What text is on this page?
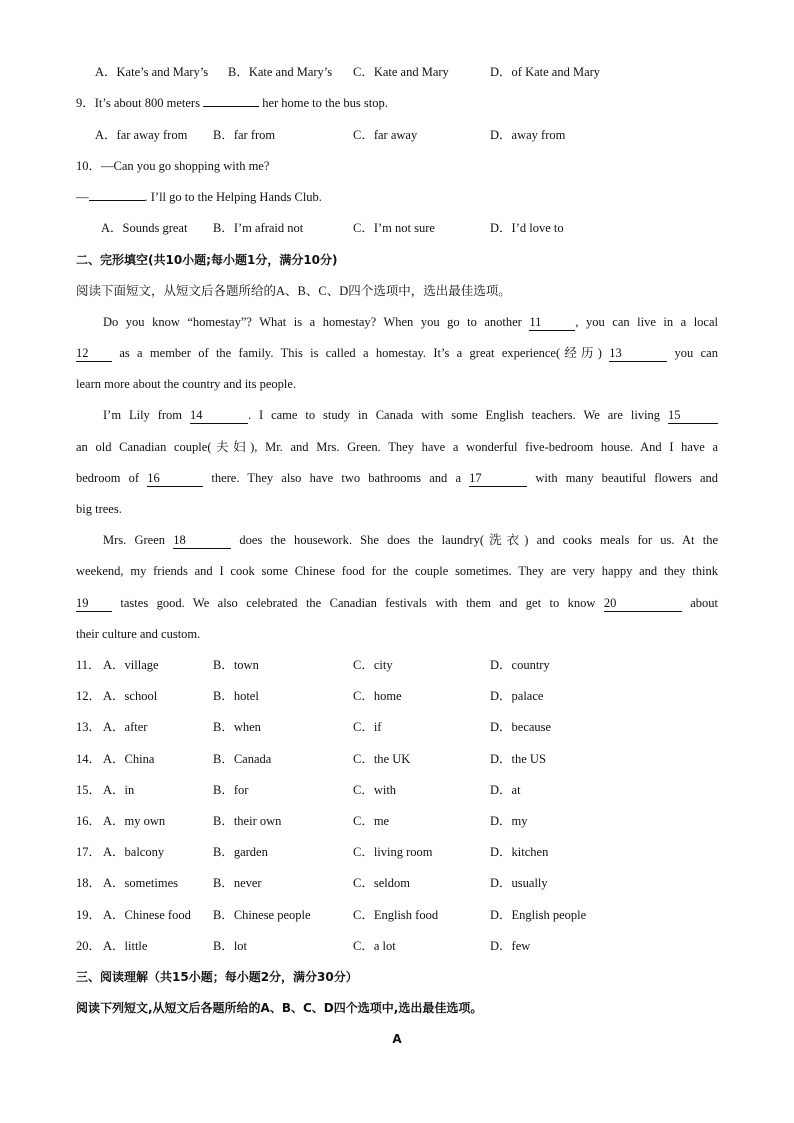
A．Kate’s and Mary’s B．Kate and Mary’s C．Kate and Mary	D．of Kate and Mary
9．It’s about 800 meters	her home to the bus stop.
A．far away from B．far from	C．far away	D．away from
10．—Can you go shopping with me?
—	. I’ll go to the Helping Hands Club.
A．Sounds great B．I’m afraid not	C．I’m not sure	D．I’d love to
二、完形填空(共10小题;每小题1分，满分10分)
阅读下面短文，从短文后各题所给的A、B、C、D四个选项中，选出最佳选项。
Do you know “homestay”? What is a homestay? When you go to another 11	, you can live in a local
12 as a member of the family. This is called a homestay. It’s a great experience(经历) 13	you can
learn more about the country and its people.
I’m Lily from 14	. I came to study in Canada with some English teachers. We are living 15
an old Canadian couple(夫妇), Mr. and Mrs. Green. They have a wonderful five-bedroom house. And I have a
bedroom of 16	there. They also have two bathrooms and a 17	with many beautiful flowers and
big trees.
Mrs. Green 18	does the housework. She does the laundry(洗衣) and cooks meals for us. At the
weekend, my friends and I cook some Chinese food for the couple sometimes. They are very happy and they think
19 tastes good. We also celebrated the Canadian festivals with them and get to know 20	about
their culture and custom.
11． A．village	B．town	C．city	D．country
12． A．school	B．hotel	C．home	D．palace
13． A．after	B．when	C．if	D．because
14． A．China	B．Canada	C．the UK	D．the US
15． A．in	B．for	C．with	D．at
16． A．my own	B．their own	C．me	D．my
17． A．balcony	B．garden	C．living room	D．kitchen
18． A．sometimes	B．never	C．seldom	D．usually
19． A．Chinese food B．Chinese people	C．English food	D．English people
20． A．little	B．lot	C．a lot	D．few
三、阅读理解（共15小题；每小题2分，满分30分）
阅读下列短文,从短文后各题所给的A、B、C、D四个选项中,选出最佳选项。
A
